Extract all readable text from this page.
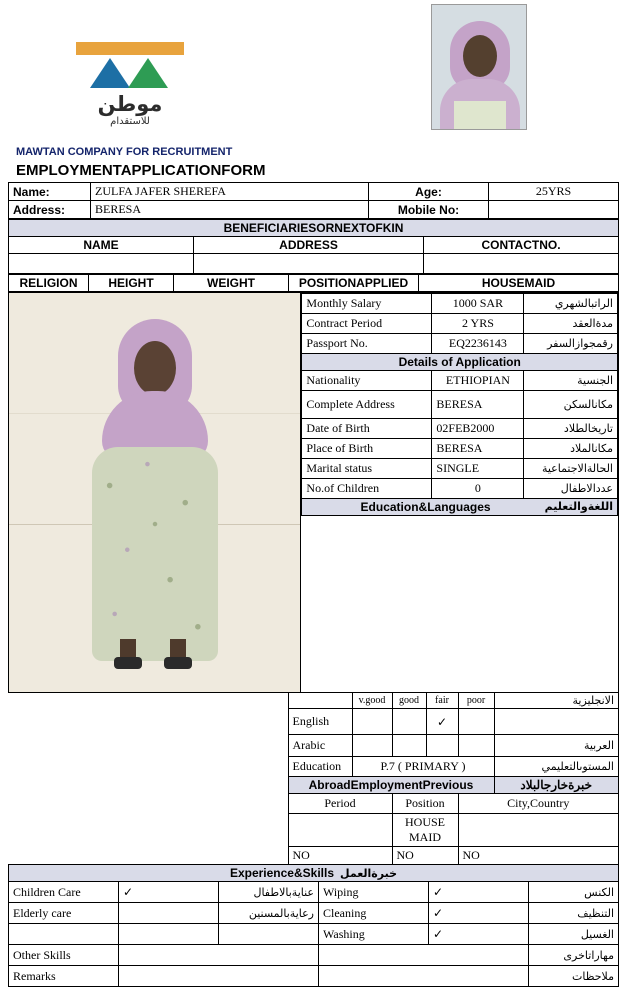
موطن
للاستقدام
MAWTAN COMPANY FOR RECRUITMENT
EMPLOYMENTAPPLICATIONFORM
Name:	ZULFA JAFER SHEREFA	Age:	25YRS
Address:	BERESA	Mobile No:	
BENEFICIARIESORNEXTOFKIN		
NAME	ADDRESS	CONTACTNO.

RELIGION	HEIGHT	WEIGHT	POSITIONAPPLIED	HOUSEMAID

Monthly Salary	1000 SAR	الراتبالشهري
Contract Period	2 YRS	مدةالعقد
Passport No.	EQ2236143	رقمجوازالسفر
Details of Application
Nationality	ETHIOPIAN	الجنسية
Complete Address	BERESA	مكانالسكن
Date of Birth	02FEB2000	تاريخالطلاد
Place of Birth	BERESA	مكانالملاد
Marital status	SINGLE	الحالةالاجتماعية
No.of Children	0	عددالاطفال

Education&Languages	اللغةوالتعليم
		v.good	good	fair	poor	الانجليزية
	English			✓		
	Arabic					العربية
	Education	P.7 ( PRIMARY )				المستوىالتعليمي

	AbroadEmploymentPrevious					خبرةخارجالبلاد
	Period		Position		City,Country	
			HOUSE MAID			
	NO		NO		NO	
Experience&Skills خبرةالعمل					

Children Care	✓	عنايةبالاطفال	Wiping	✓	الكنس
Elderly care		رعايةبالمسنين	Cleaning	✓	التنظيف
			Washing	✓	الغسيل
Other Skills					مهاراتاخرى
Remarks					ملاحظات
